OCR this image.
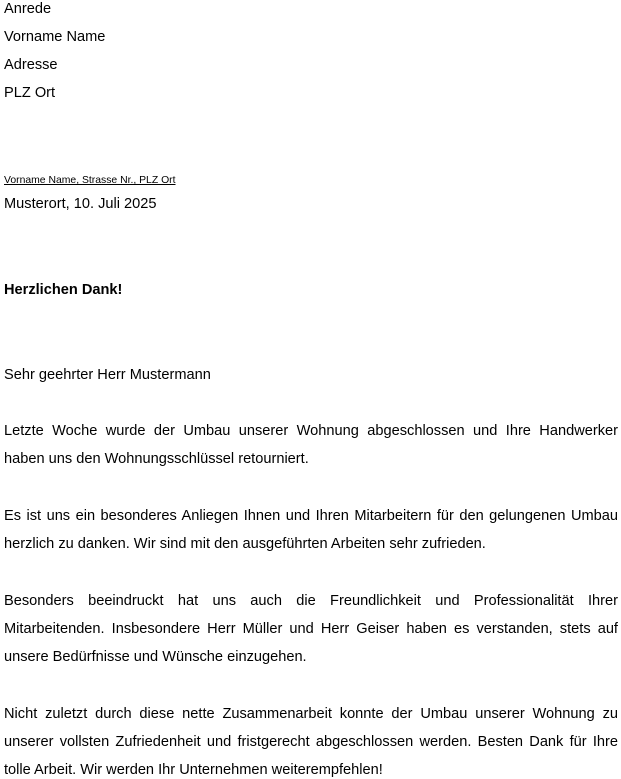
Anrede
Vorname Name
Adresse
PLZ Ort
Vorname Name, Strasse Nr., PLZ Ort
Musterort, 10. Juli 2025
Herzlichen Dank!
Sehr geehrter Herr Mustermann
Letzte Woche wurde der Umbau unserer Wohnung abgeschlossen und Ihre Handwerker
haben uns den Wohnungsschlüssel retourniert.
Es ist uns ein besonderes Anliegen Ihnen und Ihren Mitarbeitern für den gelungenen Umbau
herzlich zu danken. Wir sind mit den ausgeführten Arbeiten sehr zufrieden.
Besonders beeindruckt hat uns auch die Freundlichkeit und Professionalität Ihrer
Mitarbeitenden. Insbesondere Herr Müller und Herr Geiser haben es verstanden, stets auf
unsere Bedürfnisse und Wünsche einzugehen.
Nicht zuletzt durch diese nette Zusammenarbeit konnte der Umbau unserer Wohnung zu
unserer vollsten Zufriedenheit und fristgerecht abgeschlossen werden. Besten Dank für Ihre
tolle Arbeit. Wir werden Ihr Unternehmen weiterempfehlen!
